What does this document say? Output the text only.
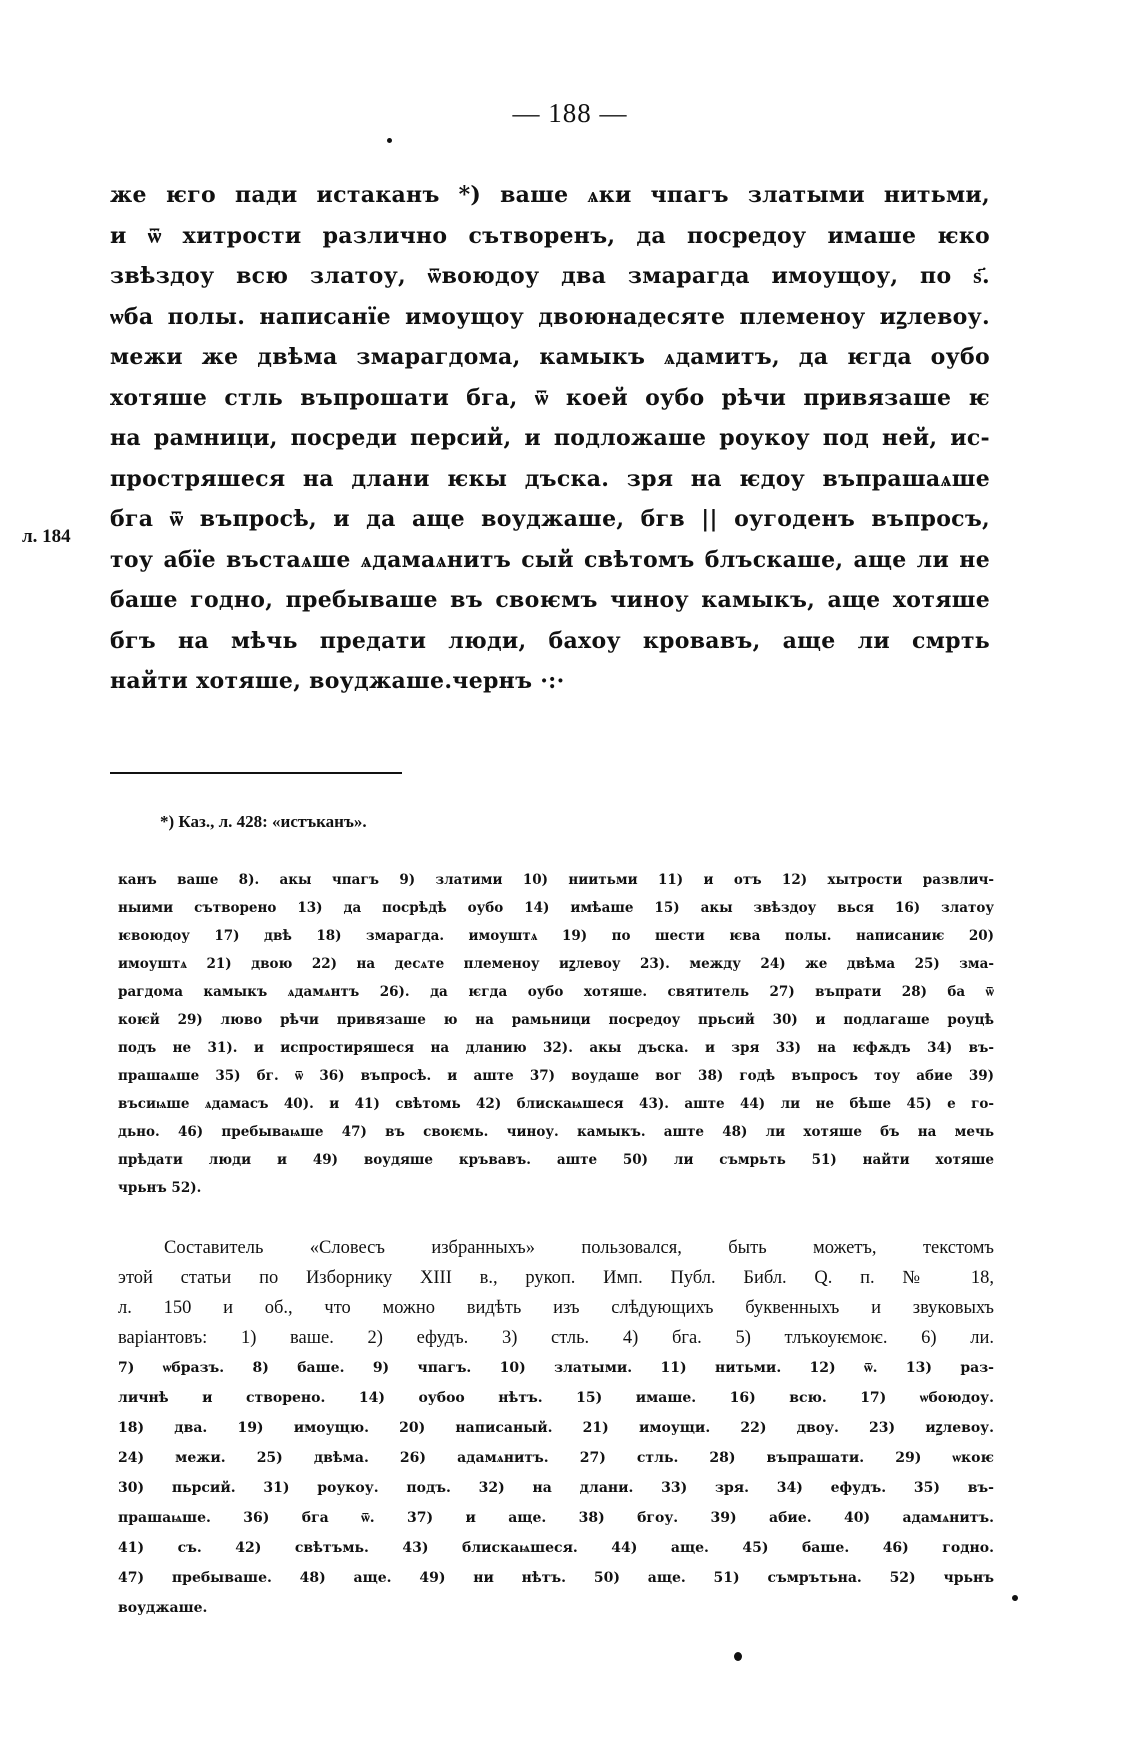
— 188 —
же ѥго пади истаканъ *) ваше ѧки чпагъ златыми нитьми,
и ѿ хитрости различно сътворенъ, да посредоу имаше ѥко
звѣздоу всю златоу, ѿвоюдоу два змарагда имоущоу, по ѕ҃.
ѡба полы. написанїе имоущоу двоюнадесяте племеноу иꙁлевоу.
межи же двѣма змарагдома, камыкъ ѧдамитъ, да ѥгда оубо
хотяше стль въпрошати бга, ѿ коей оубо рѣчи привязаше ѥ
на рамници, посреди персий, и подложаше роукоу под ней, ис-
простряшеся на длани ѥкы дъска. зря на ѥдоу въпрашаѧше
бга ѿ въпросѣ, и да аще воуджаше, бгв || оугоденъ въпросъ,
тоу абїе въстаѧше ѧдамаѧнитъ сый свѣтомъ блъскаше, аще ли не
баше годно, пребываше въ своѥмъ чиноу камыкъ, аще хотяше
бгъ на мѣчь предати люди, бахоу кровавъ, аще ли смрть
найти хотяше, воуджаше.чернъ ·:·
л. 184
*) Каз., л. 428: «истъканъ».
канъ ваше 8). акы чпагъ 9) златими 10) ниитьми 11) и отъ 12) хытрости развлич-
ныими сътворено 13) да посрѣдѣ оубо 14) имѣаше 15) акы звѣздоу вься 16) златоу
ѥвоюдоу 17) двѣ 18) змарагда. имоуштѧ 19) по шести ѥва полы. написаниѥ 20)
имоуштѧ 21) двою 22) на десѧте племеноу иꙁлевоу 23). между 24) же двѣма 25) зма-
рагдома камыкъ ѧдамѧнтъ 26). да ѥгда оубо хотяше. святитель 27) въпрати 28) ба ѿ
коѥй 29) люво рѣчи привязаше ю на рамьници посредоу прьсий 30) и подлагаше роуцѣ
подъ не 31). и испростиряшеся на дланию 32). акы дъска. и зря 33) на ѥфѫдъ 34) въ-
прашаѧше 35) бг. ѿ 36) въпросѣ. и аште 37) воудаше вог 38) годѣ въпросъ тоу абие 39)
въсиѩше ѧдамасъ 40). и 41) свѣтомь 42) блискаѩшеся 43). аште 44) ли не бѣше 45) е го-
дьно. 46) пребываѩше 47) въ своѥмь. чиноу. камыкъ. аште 48) ли хотяше бъ на мечь
прѣдати люди и 49) воудяше кръвавъ. аште 50) ли съмрьть 51) найти хотяше
чрьнъ 52).
Составитель «Словесъ избранныхъ» пользовался, быть можетъ, текстомъ
этой статьи по Изборнику XIII в., рукоп. Имп. Публ. Библ. Q. п. № 18,
л. 150 и об., что можно видѣть изъ слѣдующихъ буквенныхъ и звуковыхъ
варіантовъ: 1) ваше. 2) ефудъ. 3) стль. 4) бга. 5) тлъкоуѥмоѥ. 6) ли.
7) ѡбразъ. 8) баше. 9) чпагъ. 10) златыми. 11) нитьми. 12) ѿ. 13) раз-
личнѣ и створено. 14) оубоо нѣтъ. 15) имаше. 16) всю. 17) ѡбоюдоу.
18) два. 19) имоущю. 20) написаный. 21) имоущи. 22) двоу. 23) иꙁлевоу.
24) межи. 25) двѣма. 26) адамѧнитъ. 27) стль. 28) въпрашати. 29) ѡкоѥ
30) пьрсий. 31) роукоу. подъ. 32) на длани. 33) зря. 34) ефудъ. 35) въ-
прашаѩше. 36) бга ѿ. 37) и аще. 38) бгоу. 39) абие. 40) адамѧнитъ.
41) съ. 42) свѣтъмь. 43) блискаѩшеся. 44) аще. 45) баше. 46) годно.
47) пребываше. 48) аще. 49) ни нѣтъ. 50) аще. 51) съмрътьна. 52) чрьнъ
воуджаше.
